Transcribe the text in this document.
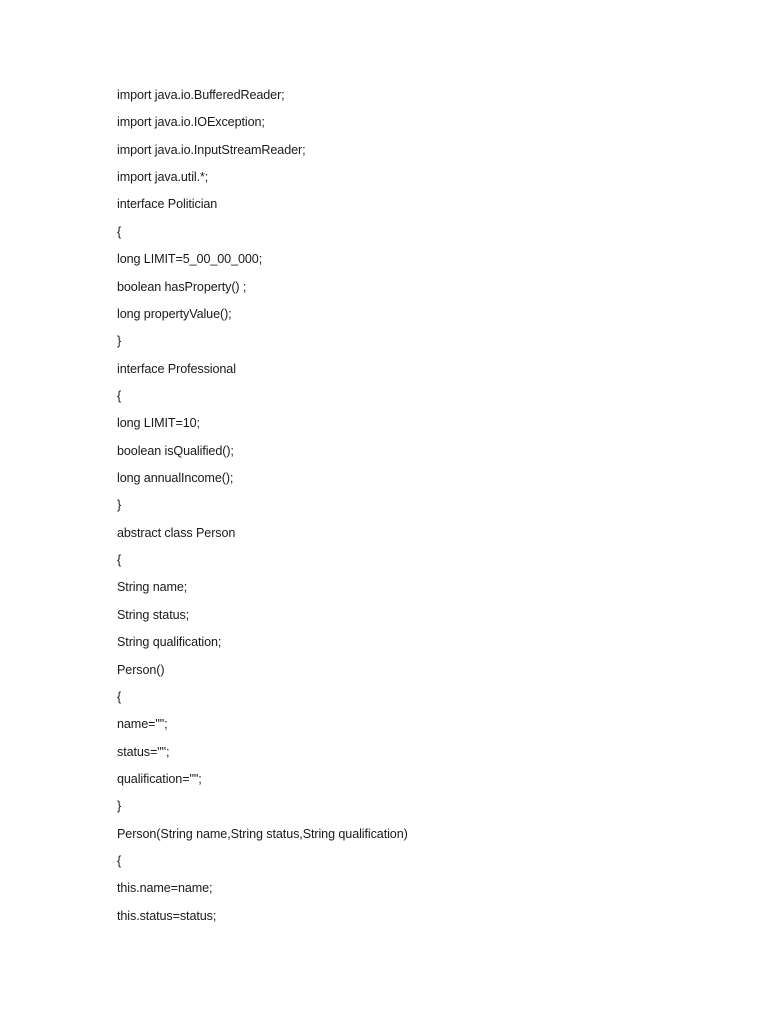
import java.io.BufferedReader;
import java.io.IOException;
import java.io.InputStreamReader;
import java.util.*;
interface Politician
{
long LIMIT=5_00_00_000;
boolean hasProperty() ;
long propertyValue();
}
interface Professional
{
long LIMIT=10;
boolean isQualified();
long annualIncome();
}
abstract class Person
{
String name;
String status;
String qualification;
Person()
{
name="";
status="";
qualification="";
}
Person(String name,String status,String qualification)
{
this.name=name;
this.status=status;
